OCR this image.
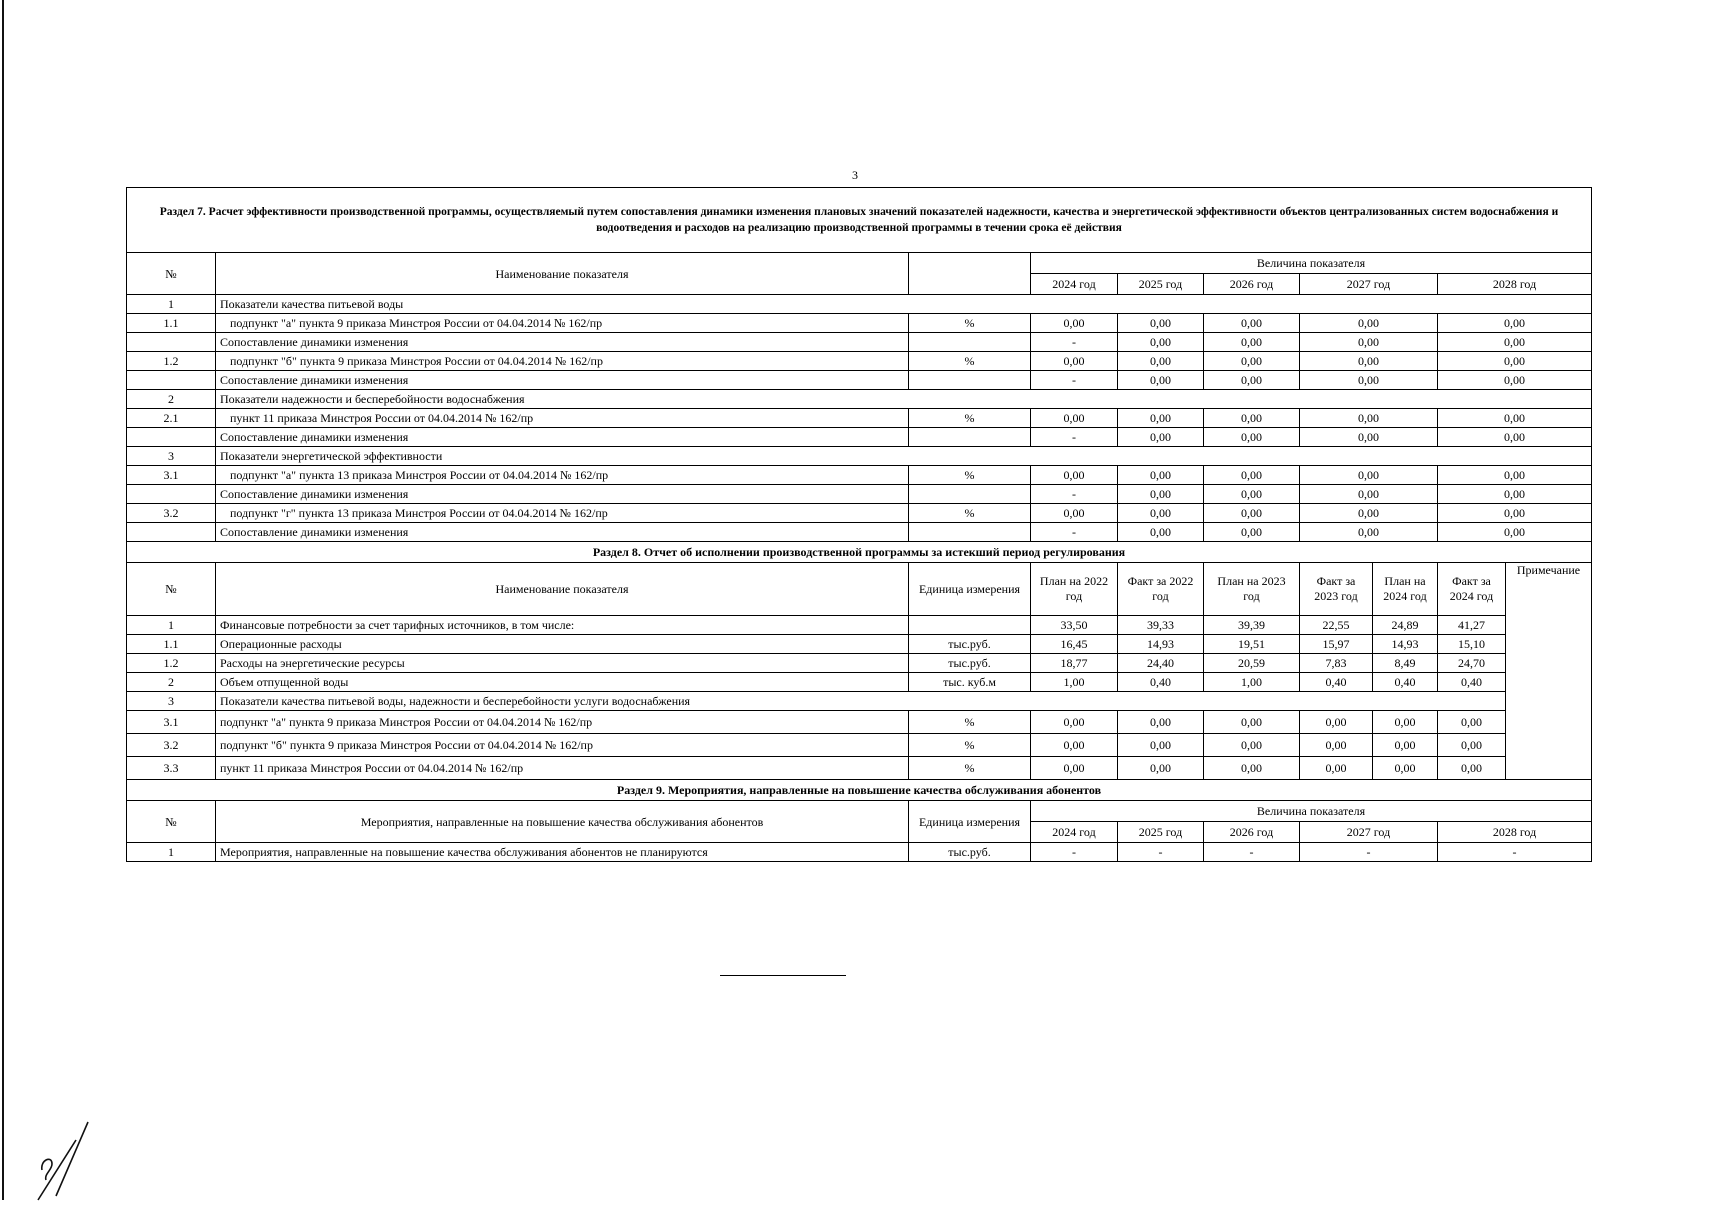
3
Раздел 7. Расчет эффективности производственной программы, осуществляемый путем сопоставления динамики изменения плановых значений показателей надежности, качества и энергетической эффективности объектов централизованных систем водоснабжения и водоотведения и расходов на реализацию производственной программы в течении срока её действия									
№	Наименование показателя		Величина показателя						
			2024 год	2025 год	2026 год	2027 год		2028 год	
1	Показатели качества питьевой воды								
1.1	подпункт "а" пункта 9 приказа Минстроя России от 04.04.2014 № 162/пр	%	0,00	0,00	0,00	0,00		0,00	
	Сопоставление динамики изменения		-	0,00	0,00	0,00		0,00	
1.2	подпункт "б" пункта 9 приказа Минстроя России от 04.04.2014 № 162/пр	%	0,00	0,00	0,00	0,00		0,00	
	Сопоставление динамики изменения		-	0,00	0,00	0,00		0,00	
2	Показатели надежности и бесперебойности водоснабжения								
2.1	пункт 11 приказа Минстроя России от 04.04.2014 № 162/пр	%	0,00	0,00	0,00	0,00		0,00	
	Сопоставление динамики изменения		-	0,00	0,00	0,00		0,00	
3	Показатели энергетической эффективности								
3.1	подпункт "а" пункта 13 приказа Минстроя России от 04.04.2014 № 162/пр	%	0,00	0,00	0,00	0,00		0,00	
	Сопоставление динамики изменения		-	0,00	0,00	0,00		0,00	
3.2	подпункт "г" пункта 13 приказа Минстроя России от 04.04.2014 № 162/пр	%	0,00	0,00	0,00	0,00		0,00	
	Сопоставление динамики изменения		-	0,00	0,00	0,00		0,00	
Раздел 8. Отчет об исполнении производственной программы за истекший период регулирования									
№	Наименование показателя	Единица измерения	План на 2022 год	Факт за 2022 год	План на 2023 год	Факт за 2023 год	План на 2024 год	Факт за 2024 год	Примечание
1	Финансовые потребности за счет тарифных источников, в том числе:		33,50	39,33	39,39	22,55	24,89	41,27	
1.1	Операционные расходы	тыс.руб.	16,45	14,93	19,51	15,97	14,93	15,10	
1.2	Расходы на энергетические ресурсы	тыс.руб.	18,77	24,40	20,59	7,83	8,49	24,70	
2	Объем отпущенной воды	тыс. куб.м	1,00	0,40	1,00	0,40	0,40	0,40	
3	Показатели качества питьевой воды, надежности и бесперебойности услуги водоснабжения								
3.1	подпункт "а" пункта 9 приказа Минстроя России от 04.04.2014 № 162/пр	%	0,00	0,00	0,00	0,00	0,00	0,00	
3.2	подпункт "б" пункта 9 приказа Минстроя России от 04.04.2014 № 162/пр	%	0,00	0,00	0,00	0,00	0,00	0,00	
3.3	пункт 11 приказа Минстроя России от 04.04.2014 № 162/пр	%	0,00	0,00	0,00	0,00	0,00	0,00	
Раздел 9. Мероприятия, направленные на повышение качества обслуживания абонентов									
№	Мероприятия, направленные на повышение качества обслуживания абонентов	Единица измерения	Величина показателя						
			2024 год	2025 год	2026 год	2027 год		2028 год	
1	Мероприятия, направленные на повышение качества обслуживания абонентов не планируются	тыс.руб.	-	-	-	-		-	
